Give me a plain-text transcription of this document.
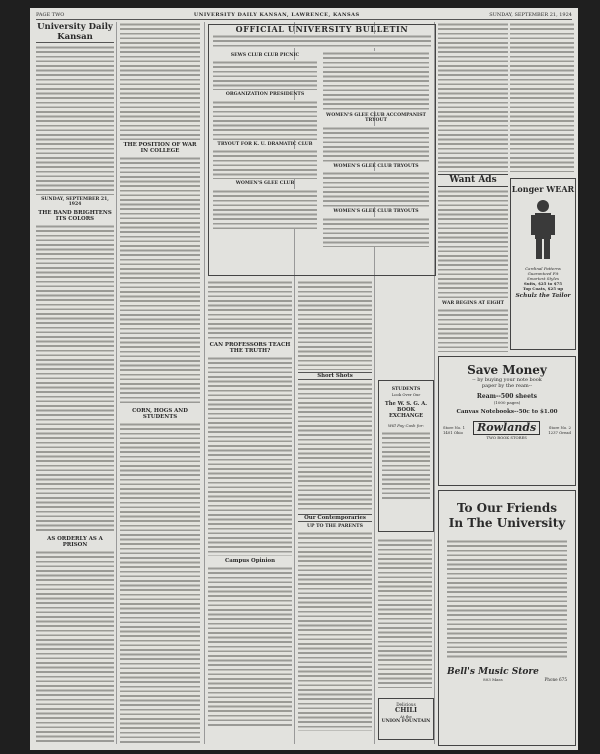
PAGE TWO	UNIVERSITY DAILY KANSAN, LAWRENCE, KANSAS	SUNDAY, SEPTEMBER 21, 1924
University Daily Kansan
SUNDAY, SEPTEMBER 21, 1924
THE BAND BRIGHTENS ITS COLORS
AS ORDERLY AS A PRISON
THE POSITION OF WAR IN COLLEGE
CORN, HOGS AND STUDENTS
OFFICIAL UNIVERSITY BULLETIN
SEWS CLUB CLUB PICNIC
ORGANIZATION PRESIDENTS
TRYOUT FOR K. U. DRAMATIC CLUB
WOMEN'S GLEE CLUB
WOMEN'S GLEE CLUB ACCOMPANIST TRYOUT
WOMEN'S GLEE CLUB TRYOUTS
WOMEN'S GLEE CLUB TRYOUTS
CAN PROFESSORS TEACH THE TRUTH?
Campus Opinion
Short Shots
Our Contemporaries
UP TO THE PARENTS
STUDENTS
Look Over Our
The W. S. G. A. BOOK EXCHANGE
Will Pay Cash for:
Delicious
CHILI
At the
UNION FOUNTAIN
Want Ads
WAR BEGINS AT EIGHT
Longer WEAR
Cardinal Patterns
Guaranteed Fit
Smartest Styles
Suits, $25 to $75
Top Coats, $25 up
Schulz the Tailor
Save Money
-- by buying your note book
paper by the ream--
Ream--500 sheets
(1000 pages)
Canvas Notebooks--50c to $1.00
Store No. 1
1401 Ohio	Rowlands
TWO BOOK STORES
Store No. 2
1237 Oread
To Our Friends
In The University
Bell's Music Store
803 Mass	Phone 675
